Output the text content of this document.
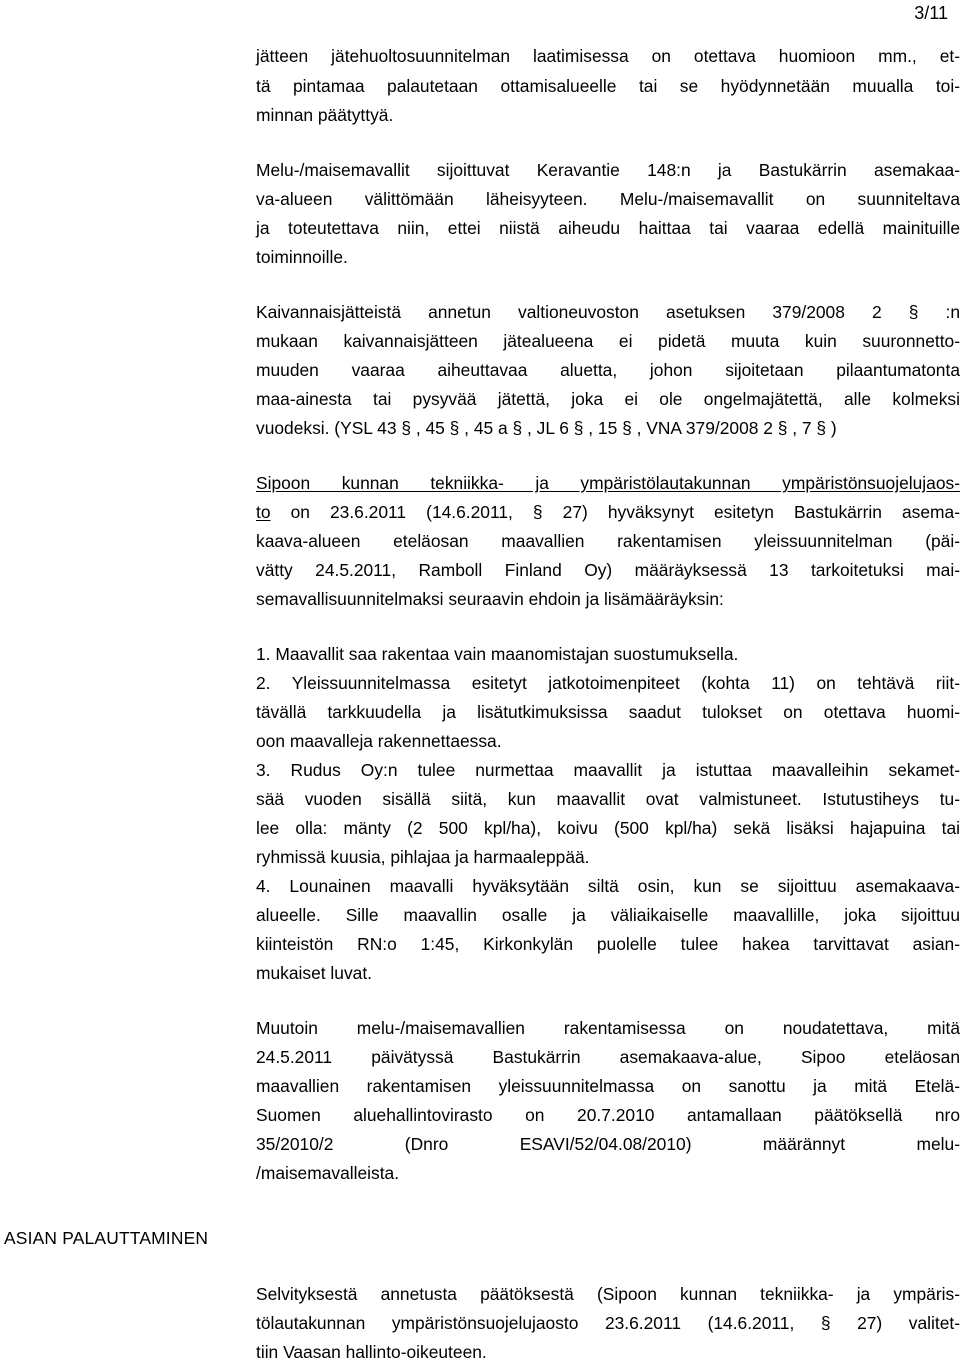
3/11
jätteen jätehuoltosuunnitelman laatimisessa on otettava huomioon mm., et-
tä pintamaa palautetaan ottamisalueelle tai se hyödynnetään muualla toi-
minnan päätyttyä.
Melu-/maisemavallit sijoittuvat Keravantie 148:n ja Bastukärrin asemakaa-
va-alueen välittömään läheisyyteen. Melu-/maisemavallit on suunniteltava
ja toteutettava niin, ettei niistä aiheudu haittaa tai vaaraa edellä mainituille
toiminnoille.
Kaivannaisjätteistä annetun valtioneuvoston asetuksen 379/2008 2 § :n
mukaan kaivannaisjätteen jätealueena ei pidetä muuta kuin suuronnetto-
muuden vaaraa aiheuttavaa aluetta, johon sijoitetaan pilaantumatonta
maa-ainesta tai pysyvää jätettä, joka ei ole ongelmajätettä, alle kolmeksi
vuodeksi. (YSL 43 § , 45 § , 45 a § , JL 6 § , 15 § , VNA 379/2008 2 § , 7 § )
Sipoon kunnan tekniikka- ja ympäristölautakunnan ympäristönsuojelujaos-
to on 23.6.2011 (14.6.2011, § 27) hyväksynyt esitetyn Bastukärrin asema-
kaava-alueen eteläosan maavallien rakentamisen yleissuunnitelman (päi-
vätty 24.5.2011, Ramboll Finland Oy) määräyksessä 13 tarkoitetuksi mai-
semavallisuunnitelmaksi seuraavin ehdoin ja lisämääräyksin:
1. Maavallit saa rakentaa vain maanomistajan suostumuksella.
2. Yleissuunnitelmassa esitetyt jatkotoimenpiteet (kohta 11) on tehtävä riit-
tävällä tarkkuudella ja lisätutkimuksissa saadut tulokset on otettava huomi-
oon maavalleja rakennettaessa.
3. Rudus Oy:n tulee nurmettaa maavallit ja istuttaa maavalleihin sekamet-
sää vuoden sisällä siitä, kun maavallit ovat valmistuneet. Istutustiheys tu-
lee olla: mänty (2 500 kpl/ha), koivu (500 kpl/ha) sekä lisäksi hajapuina tai
ryhmissä kuusia, pihlajaa ja harmaaleppää.
4. Lounainen maavalli hyväksytään siltä osin, kun se sijoittuu asemakaava-
alueelle. Sille maavallin osalle ja väliaikaiselle maavallille, joka sijoittuu
kiinteistön RN:o 1:45, Kirkonkylän puolelle tulee hakea tarvittavat asian-
mukaiset luvat.
Muutoin melu-/maisemavallien rakentamisessa on noudatettava, mitä
24.5.2011 päivätyssä Bastukärrin asemakaava-alue, Sipoo eteläosan
maavallien rakentamisen yleissuunnitelmassa on sanottu ja mitä Etelä-
Suomen aluehallintovirasto on 20.7.2010 antamallaan päätöksellä nro
35/2010/2 (Dnro ESAVI/52/04.08/2010) määrännyt melu-
/maisemavalleista.
Selvityksestä annetusta päätöksestä (Sipoon kunnan tekniikka- ja ympäris-
tölautakunnan ympäristönsuojelujaosto 23.6.2011 (14.6.2011, § 27) valitet-
tiin Vaasan hallinto-oikeuteen.
ASIAN PALAUTTAMINEN
